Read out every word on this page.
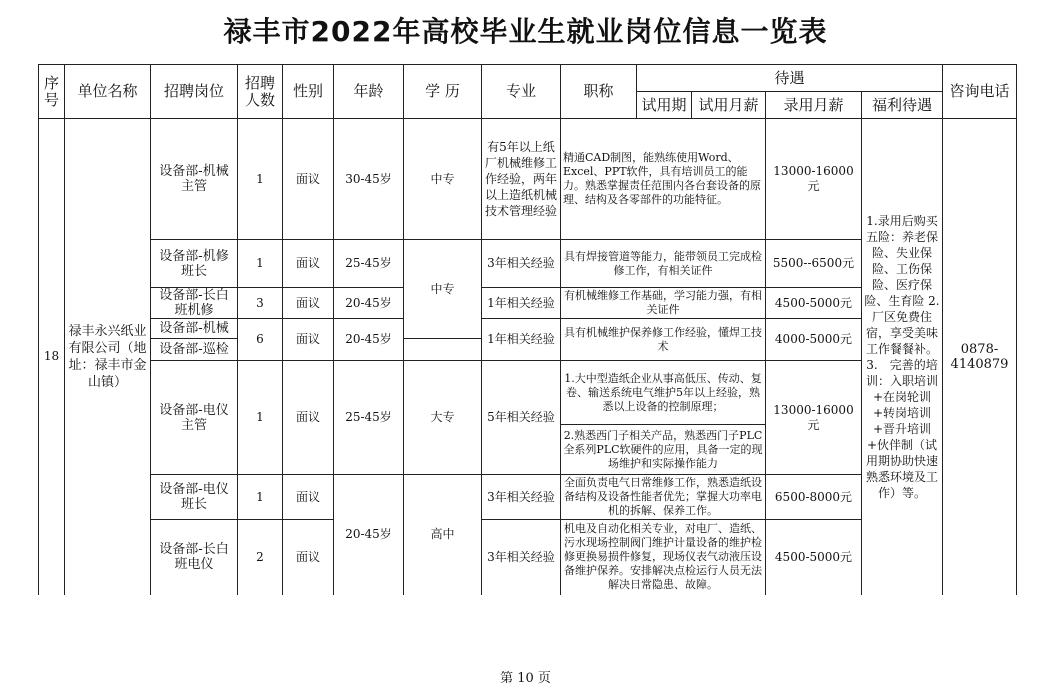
禄丰市2022年高校毕业生就业岗位信息一览表
序号	单位名称	招聘岗位	招聘人数	性别	年龄	学 历	专业	职称	待遇				咨询电话
									试用期	试用月薪	录用月薪	福利待遇	
18	禄丰永兴纸业有限公司（地址：禄丰市金山镇）	设备部-机械主管	1	面议	30-45岁	中专	有5年以上纸厂机械维修工作经验，两年以上造纸机械技术管理经验	精通CAD制图，能熟练使用Word、Excel、PPT软件，具有培训员工的能力。熟悉掌握责任范围内各台套设备的原理、结构及各零部件的功能特征。			13000-16000元	1.录用后购买五险：养老保险、失业保险、工伤保险、医疗保险、生育险 2.厂区免费住宿，享受美味工作餐餐补。3.　完善的培训：入职培训+在岗轮训+转岗培训+晋升培训+伙伴制（试用期协助快速熟悉环境及工作）等。	0878-4140879
		设备部-机修班长	1	面议	25-45岁	中专	3年相关经验	具有焊接管道等能力，能带领员工完成检修工作，有相关证件			5500--6500元		
		设备部-长白班机修	3	面议	20-45岁		1年相关经验	有机械维修工作基础，学习能力强，有相关证件			4500-5000元		
		设备部-机械	6	面议	20-45岁		1年相关经验	具有机械维护保养修工作经验，懂焊工技术			4000-5000元		
		设备部-巡检											
		设备部-电仪主管	1	面议	25-45岁	大专	5年相关经验	1.大中型造纸企业从事高低压、传动、复卷、输送系统电气维护5年以上经验，熟悉以上设备的控制原理；			13000-16000元		
								2.熟悉西门子相关产品，熟悉西门子PLC全系列PLC软硬件的应用，具备一定的现场维护和实际操作能力					
		设备部-电仪班长	1	面议	20-45岁	高中	3年相关经验	全面负责电气日常维修工作，熟悉造纸设备结构及设备性能者优先；掌握大功率电机的拆解、保养工作。			6500-8000元		
		设备部-长白班电仪	2	面议			3年相关经验	机电及自动化相关专业，对电厂、造纸、污水现场控制阀门维护计量设备的维护检修更换易损件修复，现场仪表气动液压设备维护保养。安排解决点检运行人员无法解决日常隐患、故障。			4500-5000元		
第 10 页
